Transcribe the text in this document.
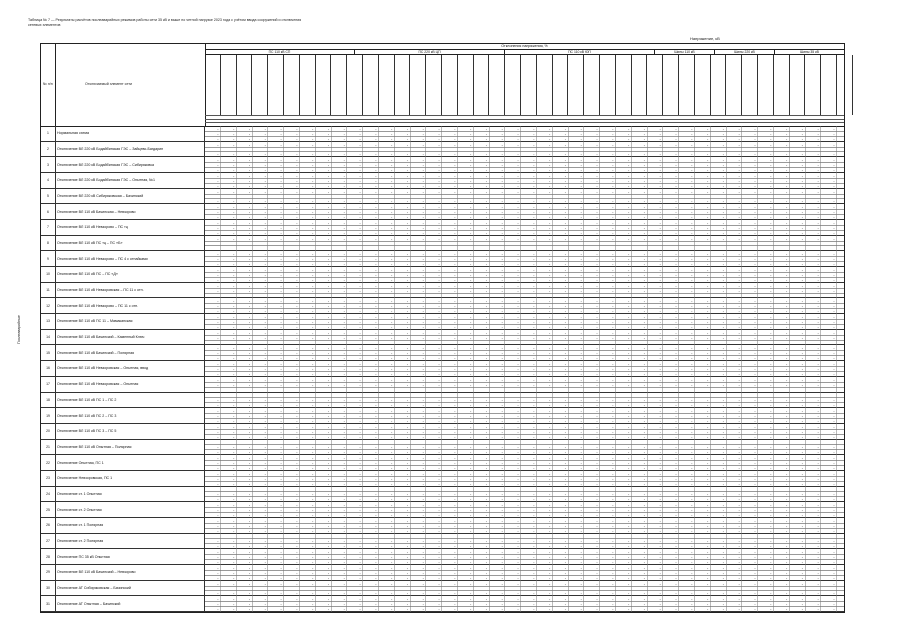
Таблица № 7 — Результаты расчётов послеаварийных режимов работы сети 35 кВ и выше по четной нагрузке 2023 года с учётом ввода сооружений и отключения сетевых элементов
Напряжение, кВ
№ п/п	Отключаемый элемент сети
Отклонения напряжения, %
ПС 110 кВ СП	ПС 220 кВ ЦП	ПС 110 кВ ЮП	Шины 110 кВ	Шины 220 кВ	Шины 35 кВ
1	Нормальная схема
2	Отключение ВЛ 220 кВ Бодайбинская ГЭС – Зайцево-Багдарин
3	Отключение ВЛ 220 кВ Бодайбинская ГЭС – Сибиряковка
4	Отключение ВЛ 220 кВ Бодайбинская ГЭС – Опытная, №1
5	Отключение ВЛ 220 кВ Сибиряковская – Бачинский
6	Отключение ВЛ 110 кВ Бачинская – Невзорово
7	Отключение ВЛ 110 кВ Невзорово – ПС тц
8	Отключение ВЛ 110 кВ ПС тц – ПС «Б»
9	Отключение ВЛ 110 кВ Невзорово – ПС 4 с отпайками
10	Отключение ВЛ 110 кВ ПС – ПС «Д»
11	Отключение ВЛ 110 кВ Невзоровская – ПС 11 с отп.
12	Отключение ВЛ 110 кВ Невзорово – ПС 11 с отп.
13	Отключение ВЛ 110 кВ ПС 11 – Мамаканская
14	Отключение ВЛ 110 кВ Бачинский – Каменный Ключ
15	Отключение ВЛ 110 кВ Бачинский – Полярная
16	Отключение ВЛ 110 кВ Невзоровская – Опытная, ввод
17	Отключение ВЛ 110 кВ Невзоровская – Опытная
18	Отключение ВЛ 110 кВ ПС 1 – ПС 2
19	Отключение ВЛ 110 кВ ПС 2 – ПС 3
20	Отключение ВЛ 110 кВ ПС 3 – ПС 5
21	Отключение ВЛ 110 кВ Опытная – Полярная
22	Отключение Опытная, ПС 1
23	Отключение Невзоровская, ПС 1
24	Отключение ст. 1 Опытная
25	Отключение ст. 2 Опытная
26	Отключение ст. 1 Полярная
27	Отключение ст. 2 Полярная
28	Отключение ПС 35 кВ Опытная
29	Отключение ВЛ 110 кВ Бачинский – Невзорово
30	Отключение АТ Сибиряковская – Бачинский
31	Отключение АТ Опытная – Бачинский
Послеаварийные
